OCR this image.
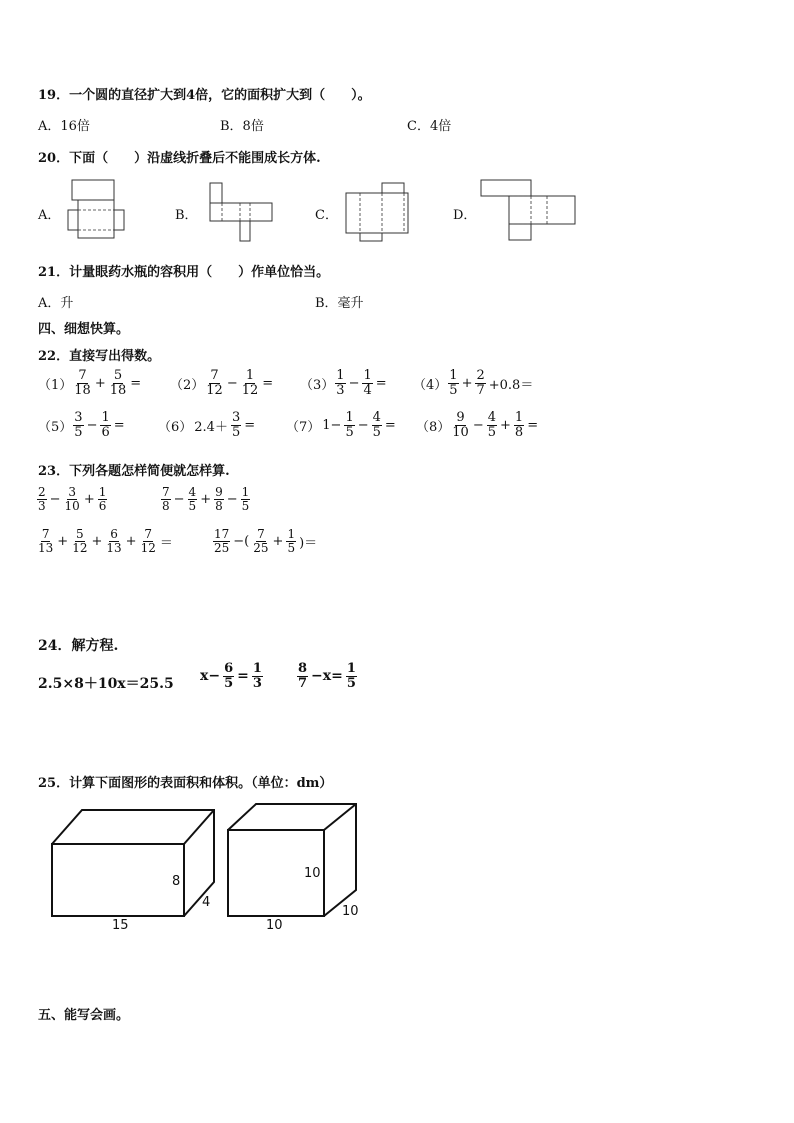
19．一个圆的直径扩大到4倍，它的面积扩大到（　　）。
A．16倍	B．8倍	C．4倍
20．下面（　　）沿虚线折叠后不能围成长方体.
A．	B．	C．	D．
21．计量眼药水瓶的容积用（　　）作单位恰当。
A．升	B．毫升
四、细想快算。
22．直接写出得数。
$(1) \frac{7}{18} + \frac{5}{18} = (2) \frac{7}{12} - \frac{1}{12} = (3) \frac{1}{3} - \frac{1}{4} = (4) \frac{1}{5} + \frac{2}{7} +0.8=$
$(5) \frac{3}{5} - \frac{1}{6}$ =	（6） $2.4+ \frac{3}{5} = (7)$ $1- \frac{1}{5} - \frac{4}{5} = (8) \frac{9}{10} - \frac{4}{5} + \frac{1}{8}$ =
23．下列各题怎样简便就怎样算.
$\frac{2}{3} - \frac{3}{10} + \frac{1}{6}$	$\frac{7}{8} - \frac{4}{5} + \frac{9}{8} - \frac{1}{5}$
$\frac{7}{13} + \frac{5}{12} + \frac{6}{13} + \frac{7}{12}$ ＝	$\frac{17}{25}$ −( $\frac{7}{25} + \frac{1}{5}$ )＝
24．解方程.
2.5×8＋10x＝25.5 $x- \frac{6}{5} = \frac{1}{3}$	$\frac{8}{7} -x= \frac{1}{5}$
25．计算下面图形的表面积和体积。（单位：dm）
8
4
15
10
10
10
五、能写会画。
